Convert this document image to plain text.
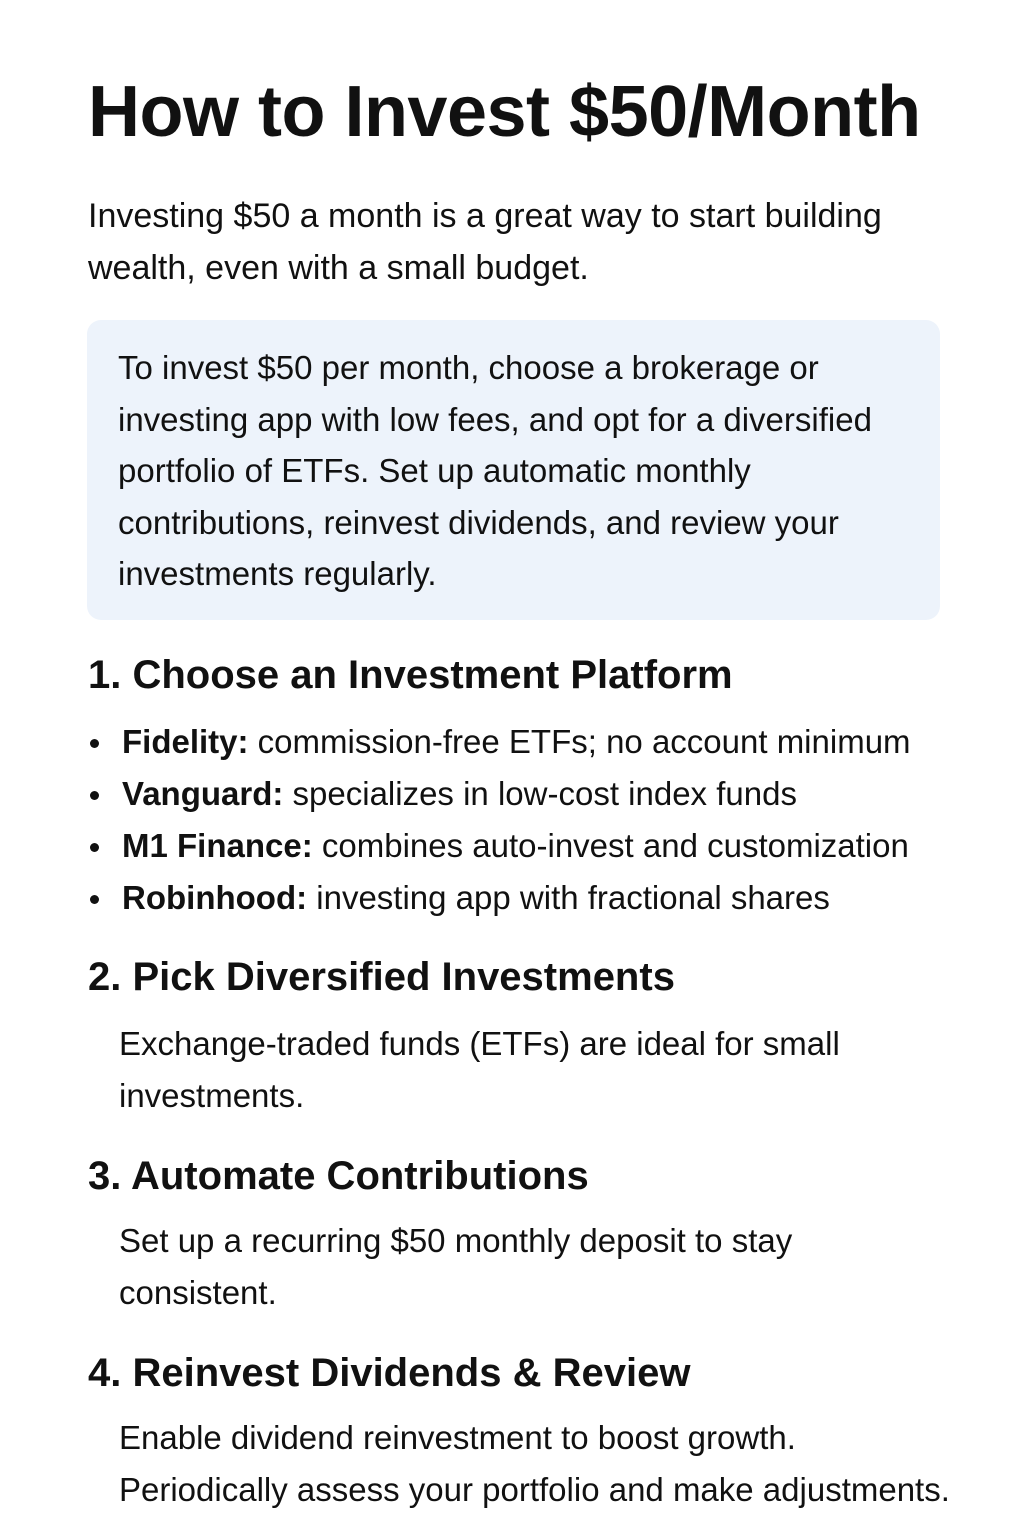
How to Invest $50/Month

Investing $50 a month is a great way to start building wealth, even with a small budget.

To invest $50 per month, choose a brokerage or investing app with low fees, and opt for a diversified portfolio of ETFs. Set up automatic monthly contributions, reinvest dividends, and review your investments regularly.

1. Choose an Investment Platform
Fidelity: commission-free ETFs; no account minimum
Vanguard: specializes in low-cost index funds
M1 Finance: combines auto-invest and customization
Robinhood: investing app with fractional shares
2. Pick Diversified Investments

Exchange-traded funds (ETFs) are ideal for small investments.

3. Automate Contributions

Set up a recurring $50 monthly deposit to stay consistent.

4. Reinvest Dividends & Review

Enable dividend reinvestment to boost growth.

Periodically assess your portfolio and make adjustments.
